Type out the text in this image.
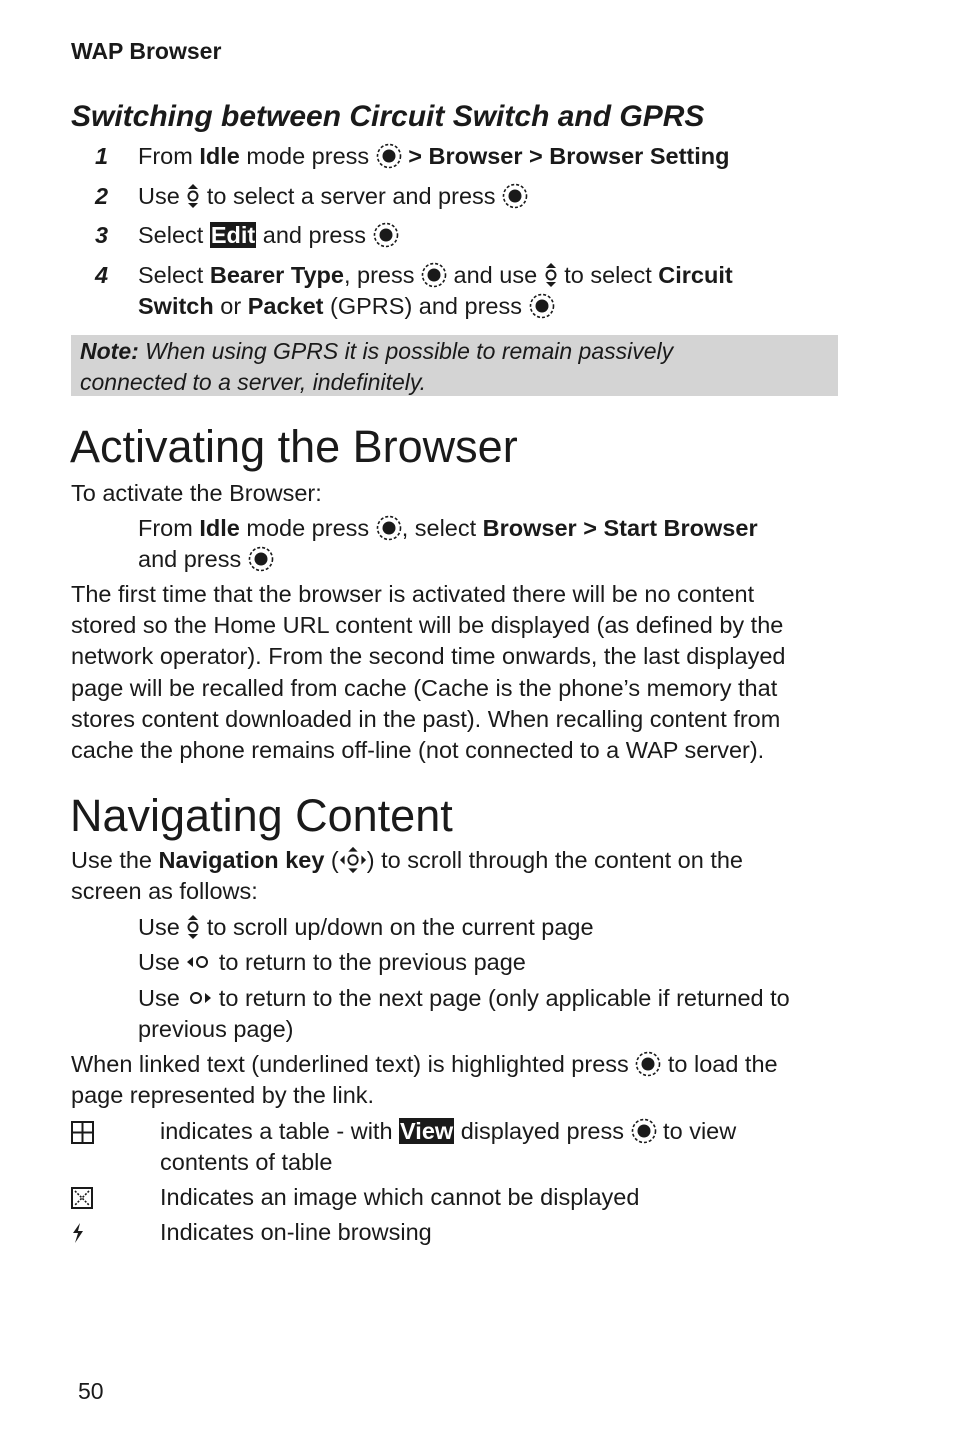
WAP Browser
Switching between Circuit Switch and GPRS
1 From Idle mode press  > Browser > Browser Setting
2 Use  to select a server and press
3 Select Edit and press
4 Select Bearer Type, press  and use  to select Circuit
Switch or Packet (GPRS) and press
Note: When using GPRS it is possible to remain passively
connected to a server, indefinitely.
Activating the Browser
To activate the Browser:
From Idle mode press , select Browser > Start Browser
and press
The first time that the browser is activated there will be no content
stored so the Home URL content will be displayed (as defined by the
network operator). From the second time onwards, the last displayed
page will be recalled from cache (Cache is the phone’s memory that
stores content downloaded in the past). When recalling content from
cache the phone remains off-line (not connected to a WAP server).
Navigating Content
Use the Navigation key ( ) to scroll through the content on the
screen as follows:
Use  to scroll up/down on the current page
Use  to return to the previous page
Use  to return to the next page (only applicable if returned to
previous page)
When linked text (underlined text) is highlighted press  to load the
page represented by the link.
indicates a table - with View displayed press  to view
contents of table
Indicates an image which cannot be displayed
Indicates on-line browsing
50
